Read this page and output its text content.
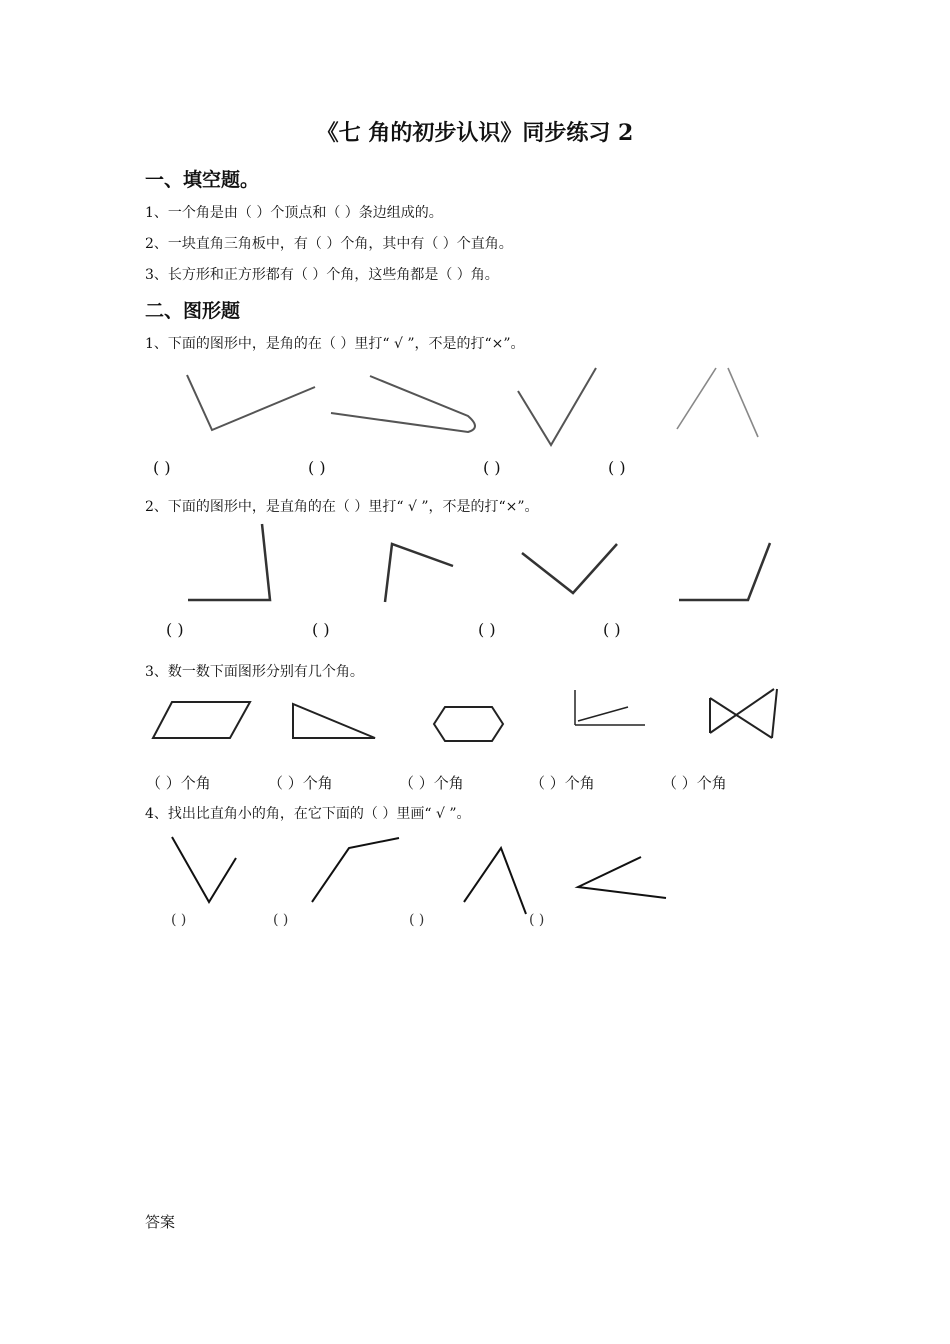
《七 角的初步认识》同步练习 2
一、填空题。
1、一个角是由（ ）个顶点和（ ）条边组成的。
2、一块直角三角板中，有（ ）个角，其中有（ ）个直角。
3、长方形和正方形都有（ ）个角，这些角都是（ ）角。
二、图形题
1、下面的图形中，是角的在（ ）里打“ √ ”，不是的打“×”。
( )	( )	( )	( )
2、下面的图形中，是直角的在（ ）里打“ √ ”，不是的打“×”。
( )	( )	( )	( )
3、数一数下面图形分别有几个角。
（ ）个角	（ ）个角	（ ）个角	（ ）个角	（ ）个角
4、找出比直角小的角，在它下面的（ ）里画“ √ ”。
( )	( )	( )	( )
答案
